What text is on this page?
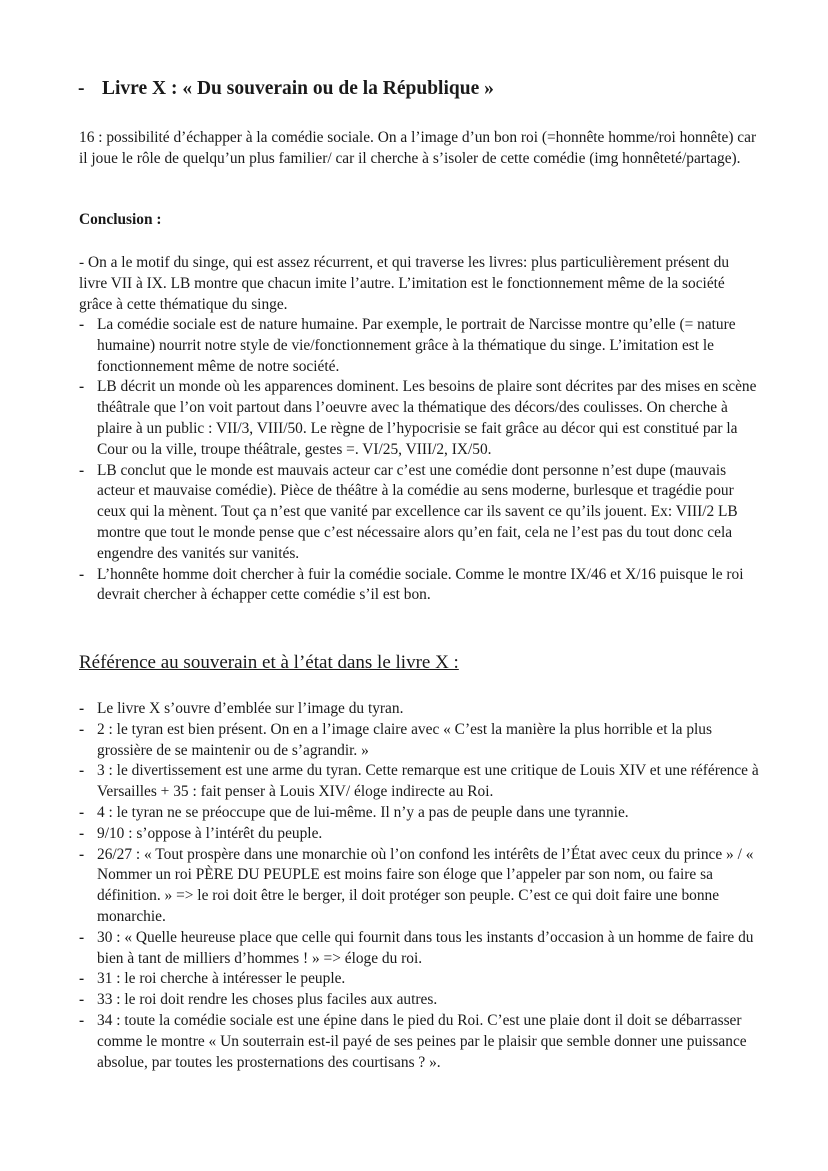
- Livre X : « Du souverain ou de la République »
16 : possibilité d’échapper à la comédie sociale. On a l’image d’un bon roi (=honnête homme/roi honnête) car il joue le rôle de quelqu’un plus familier/ car il cherche à s’isoler de cette comédie (img honnêteté/partage).
Conclusion :
- On a le motif du singe, qui est assez récurrent, et qui traverse les livres: plus particulièrement présent du livre VII à IX. LB montre que chacun imite l’autre. L’imitation est le fonctionnement même de la société grâce à cette thématique du singe.
- La comédie sociale est de nature humaine. Par exemple, le portrait de Narcisse montre qu’elle (= nature humaine) nourrit notre style de vie/fonctionnement grâce à la thématique du singe. L’imitation est le fonctionnement même de notre société.
- LB décrit un monde où les apparences dominent. Les besoins de plaire sont décrites par des mises en scène théâtrale que l’on voit partout dans l’oeuvre avec la thématique des décors/des coulisses. On cherche à plaire à un public : VII/3, VIII/50. Le règne de l’hypocrisie se fait grâce au décor qui est constitué par la Cour ou la ville, troupe théâtrale, gestes =. VI/25, VIII/2, IX/50.
- LB conclut que le monde est mauvais acteur car c’est une comédie dont personne n’est dupe (mauvais acteur et mauvaise comédie). Pièce de théâtre à la comédie au sens moderne, burlesque et tragédie pour ceux qui la mènent. Tout ça n’est que vanité par excellence car ils savent ce qu’ils jouent. Ex: VIII/2 LB montre que tout le monde pense que c’est nécessaire alors qu’en fait, cela ne l’est pas du tout donc cela engendre des vanités sur vanités.
- L’honnête homme doit chercher à fuir la comédie sociale. Comme le montre IX/46 et X/16 puisque le roi devrait chercher à échapper cette comédie s’il est bon.
Référence au souverain et à l’état dans le livre X :
- Le livre X s’ouvre d’emblée sur l’image du tyran.
- 2 : le tyran est bien présent. On en a l’image claire avec « C’est la manière la plus horrible et la plus grossière de se maintenir ou de s’agrandir. »
- 3 : le divertissement est une arme du tyran. Cette remarque est une critique de Louis XIV et une référence à Versailles + 35 : fait penser à Louis XIV/ éloge indirecte au Roi.
- 4 : le tyran ne se préoccupe que de lui-même. Il n’y a pas de peuple dans une tyrannie.
- 9/10 : s’oppose à l’intérêt du peuple.
- 26/27 : « Tout prospère dans une monarchie où l’on confond les intérêts de l’État avec ceux du prince » / « Nommer un roi PÈRE DU PEUPLE est moins faire son éloge que l’appeler par son nom, ou faire sa définition. » => le roi doit être le berger, il doit protéger son peuple. C’est ce qui doit faire une bonne monarchie.
- 30 : « Quelle heureuse place que celle qui fournit dans tous les instants d’occasion à un homme de faire du bien à tant de milliers d’hommes ! » => éloge du roi.
- 31 : le roi cherche à intéresser le peuple.
- 33 : le roi doit rendre les choses plus faciles aux autres.
- 34 : toute la comédie sociale est une épine dans le pied du Roi. C’est une plaie dont il doit se débarrasser comme le montre « Un souterrain est-il payé de ses peines par le plaisir que semble donner une puissance absolue, par toutes les prosternations des courtisans ? ».
